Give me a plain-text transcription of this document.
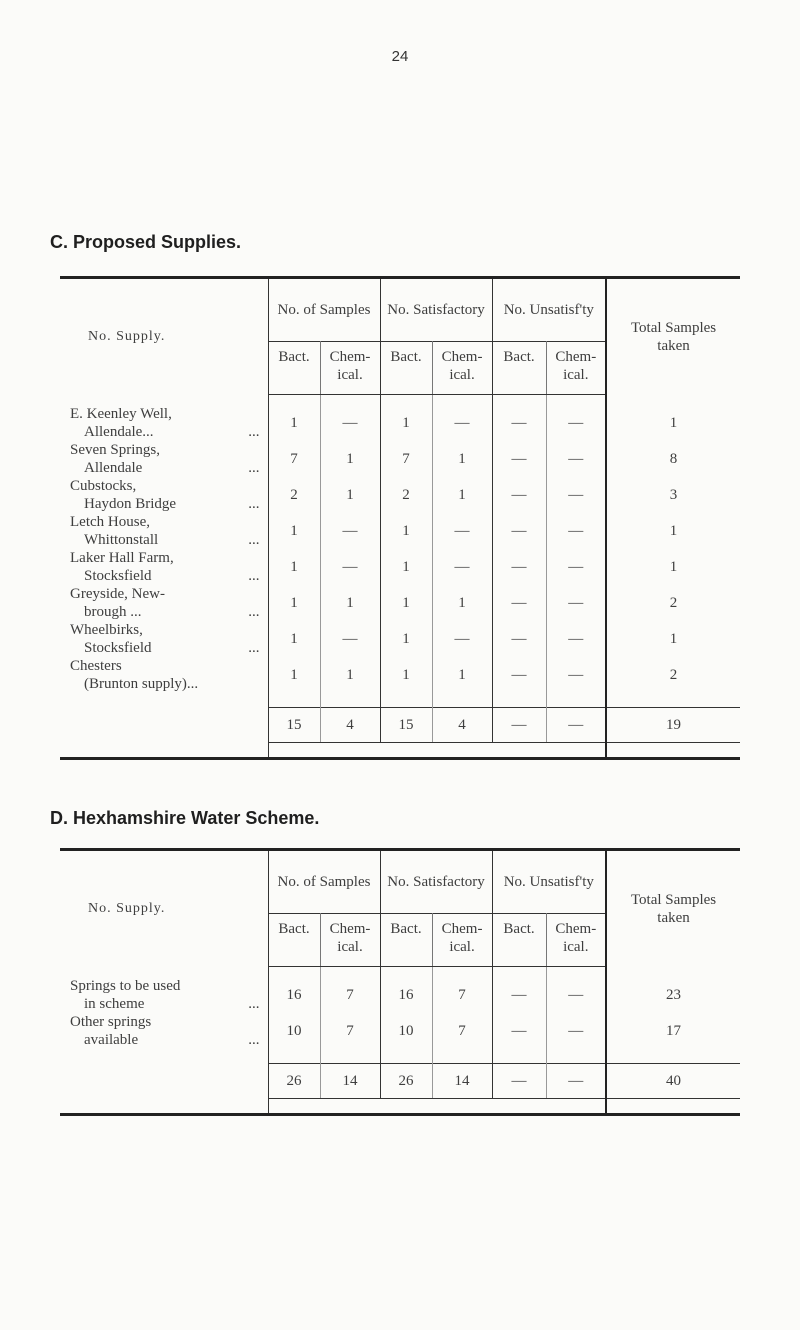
24
C. Proposed Supplies.
No. Supply.	No. of Samples		No. Satisfactory		No. Unsatisf'ty		Total Samples taken
	Bact.	Chem-ical.	Bact.	Chem-ical.	Bact.	Chem-ical.	

E. Keenley Well,
Allendale... ...	1	—	1	—	—	—	1

Seven Springs,
Allendale ...	7	1	7	1	—	—	8

Cubstocks,
Haydon Bridge ...	2	1	2	1	—	—	3

Letch House,
Whittonstall ...	1	—	1	—	—	—	1

Laker Hall Farm,
Stocksfield ...	1	—	1	—	—	—	1

Greyside, New-
brough ... ...	1	1	1	1	—	—	2

Wheelbirks,
Stocksfield ...	1	—	1	—	—	—	1

Chesters
(Brunton supply)...	1	1	1	1	—	—	2

	15	4	15	4	—	—	19

D. Hexhamshire Water Scheme.
No. Supply.	No. of Samples		No. Satisfactory		No. Unsatisf'ty		Total Samples taken
	Bact.	Chem-ical.	Bact.	Chem-ical.	Bact.	Chem-ical.	

Springs to be used
in scheme ...	16	7	16	7	—	—	23

Other springs
available ...	10	7	10	7	—	—	17

	26	14	26	14	—	—	40
